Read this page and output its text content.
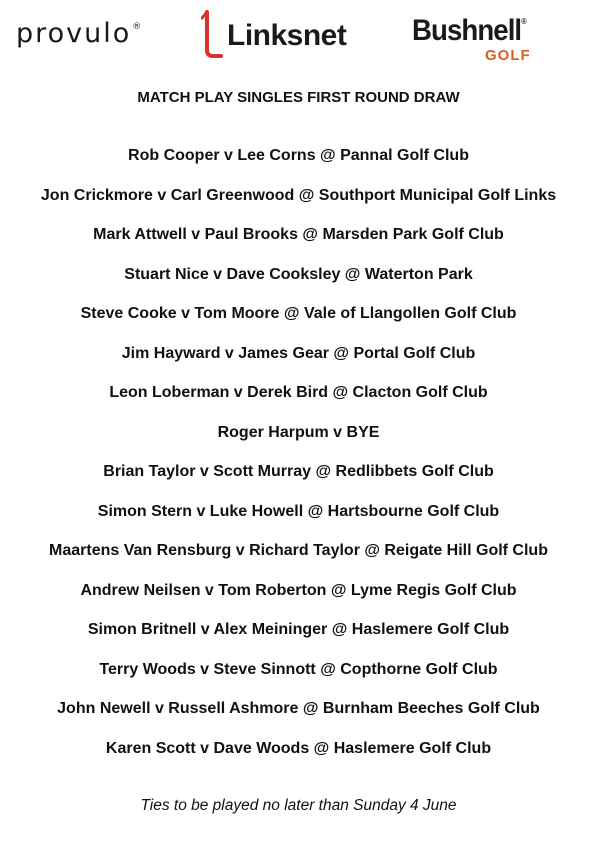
provulo®	Linksnet Bushnell®
GOLF
MATCH PLAY SINGLES FIRST ROUND DRAW
Rob Cooper v Lee Corns @ Pannal Golf Club
Jon Crickmore v Carl Greenwood @ Southport Municipal Golf Links
Mark Attwell v Paul Brooks @ Marsden Park Golf Club
Stuart Nice v Dave Cooksley @ Waterton Park
Steve Cooke v Tom Moore @ Vale of Llangollen Golf Club
Jim Hayward v James Gear @ Portal Golf Club
Leon Loberman v Derek Bird @ Clacton Golf Club
Roger Harpum v BYE
Brian Taylor v Scott Murray @ Redlibbets Golf Club
Simon Stern v Luke Howell @ Hartsbourne Golf Club
Maartens Van Rensburg v Richard Taylor @ Reigate Hill Golf Club
Andrew Neilsen v Tom Roberton @ Lyme Regis Golf Club
Simon Britnell v Alex Meininger @ Haslemere Golf Club
Terry Woods v Steve Sinnott @ Copthorne Golf Club
John Newell v Russell Ashmore @ Burnham Beeches Golf Club
Karen Scott v Dave Woods @ Haslemere Golf Club
Ties to be played no later than Sunday 4 June
